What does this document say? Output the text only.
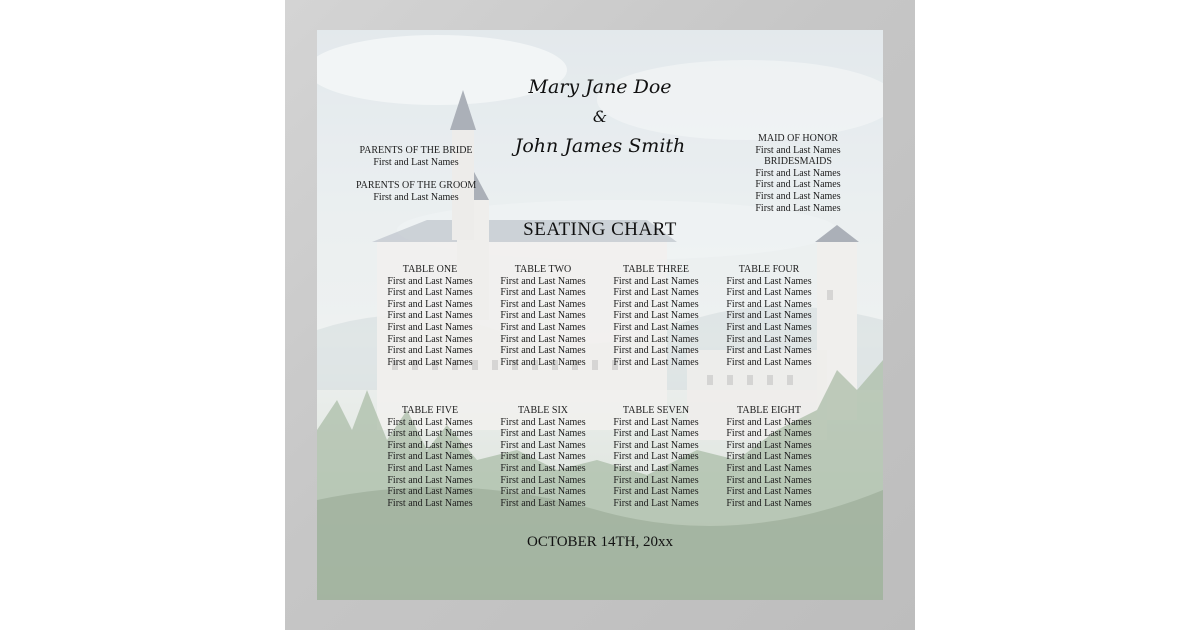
Mary Jane Doe
&
John James Smith
PARENTS OF THE BRIDE
First and Last Names
PARENTS OF THE GROOM
First and Last Names
MAID OF HONOR
First and Last Names
BRIDESMAIDS
First and Last Names
First and Last Names
First and Last Names
First and Last Names
SEATING CHART
TABLE ONE
First and Last Names
First and Last Names
First and Last Names
First and Last Names
First and Last Names
First and Last Names
First and Last Names
First and Last Names
TABLE TWO
First and Last Names
First and Last Names
First and Last Names
First and Last Names
First and Last Names
First and Last Names
First and Last Names
First and Last Names
TABLE THREE
First and Last Names
First and Last Names
First and Last Names
First and Last Names
First and Last Names
First and Last Names
First and Last Names
First and Last Names
TABLE FOUR
First and Last Names
First and Last Names
First and Last Names
First and Last Names
First and Last Names
First and Last Names
First and Last Names
First and Last Names
TABLE FIVE
First and Last Names
First and Last Names
First and Last Names
First and Last Names
First and Last Names
First and Last Names
First and Last Names
First and Last Names
TABLE SIX
First and Last Names
First and Last Names
First and Last Names
First and Last Names
First and Last Names
First and Last Names
First and Last Names
First and Last Names
TABLE SEVEN
First and Last Names
First and Last Names
First and Last Names
First and Last Names
First and Last Names
First and Last Names
First and Last Names
First and Last Names
TABLE EIGHT
First and Last Names
First and Last Names
First and Last Names
First and Last Names
First and Last Names
First and Last Names
First and Last Names
First and Last Names
OCTOBER 14TH, 20xx
